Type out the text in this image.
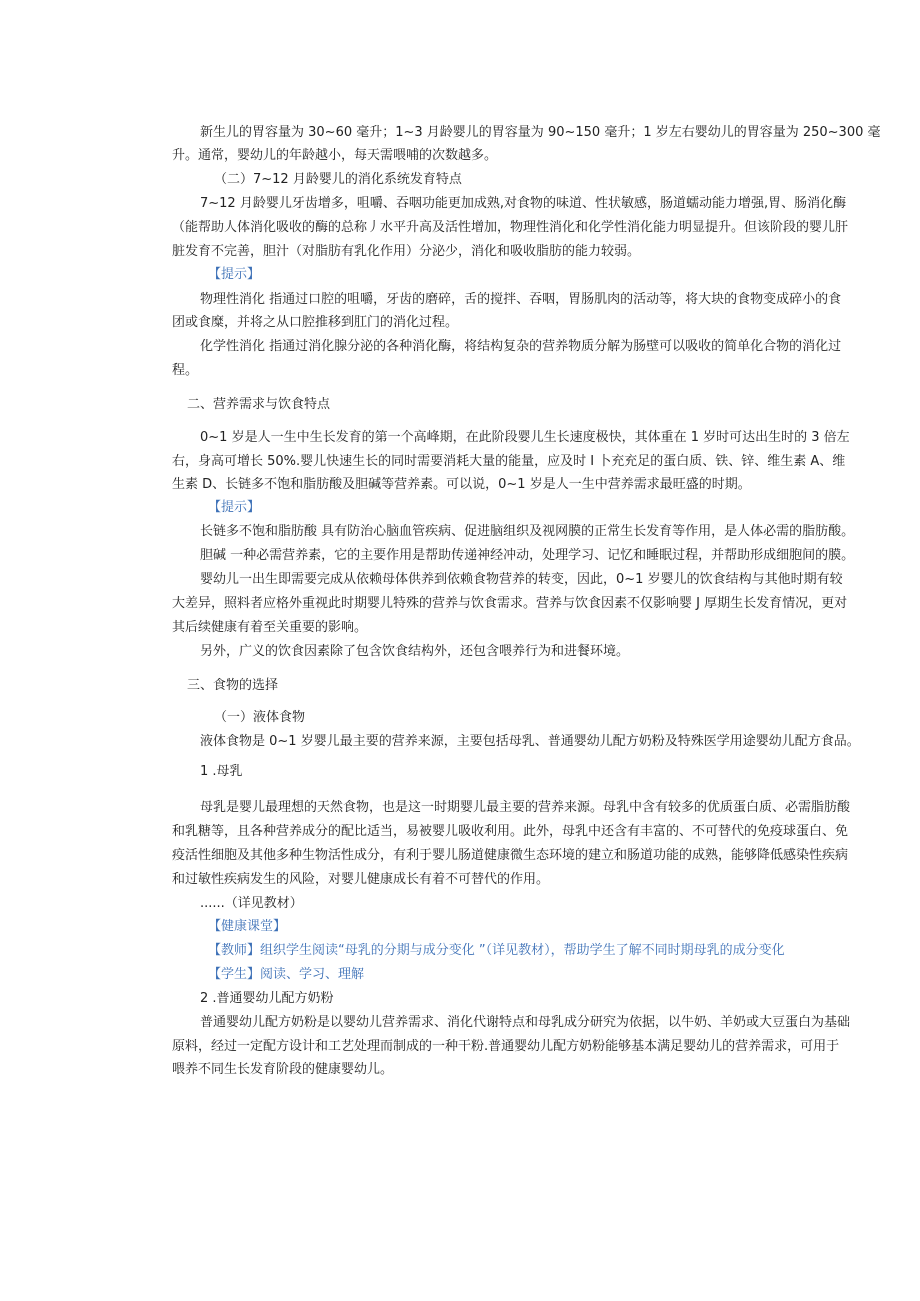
新生儿的胃容量为 30~60 毫升；1~3 月龄婴儿的胃容量为 90~150 毫升；1 岁左右婴幼儿的胃容量为 250~300 毫
升。通常，婴幼儿的年龄越小，每天需喂哺的次数越多。
（二）7~12 月龄婴儿的消化系统发育特点
7~12 月龄婴儿牙齿增多，咀嚼、吞咽功能更加成熟,对食物的味道、性状敏感，肠道蠕动能力增强,胃、肠消化酶
（能帮助人体消化吸收的酶的总称丿水平升高及活性增加，物理性消化和化学性消化能力明显提升。但该阶段的婴儿肝
脏发育不完善，胆汁（对脂肪有乳化作用）分泌少，消化和吸收脂肪的能力较弱。
【提示】
物理性消化 指通过口腔的咀嚼，牙齿的磨碎，舌的搅拌、吞咽，胃肠肌肉的活动等，将大块的食物变成碎小的食
团或食糜，并将之从口腔推移到肛门的消化过程。
化学性消化 指通过消化腺分泌的各种消化酶，将结构复杂的营养物质分解为肠壁可以吸收的简单化合物的消化过
程。
二、营养需求与饮食特点
0~1 岁是人一生中生长发育的第一个高峰期，在此阶段婴儿生长速度极快，其体重在 1 岁时可达出生时的 3 倍左
右，身高可增长 50%.婴儿快速生长的同时需要消耗大量的能量，应及时 I 卜充充足的蛋白质、铁、锌、维生素 A、维
生素 D、长链多不饱和脂肪酸及胆碱等营养素。可以说，0~1 岁是人一生中营养需求最旺盛的时期。
【提示】
长链多不饱和脂肪酸 具有防治心脑血管疾病、促进脑组织及视网膜的正常生长发育等作用，是人体必需的脂肪酸。
胆碱 一种必需营养素，它的主要作用是帮助传递神经冲动，处理学习、记忆和睡眠过程，并帮助形成细胞间的膜。
婴幼儿一出生即需要完成从依赖母体供养到依赖食物营养的转变，因此，0~1 岁婴儿的饮食结构与其他时期有较
大差异，照料者应格外重视此时期婴儿特殊的营养与饮食需求。营养与饮食因素不仅影响婴 J 厚期生长发育情况，更对
其后续健康有着至关重要的影响。
另外，广义的饮食因素除了包含饮食结构外，还包含喂养行为和进餐环境。
三、食物的选择
（一）液体食物
液体食物是 0~1 岁婴儿最主要的营养来源，主要包括母乳、普通婴幼儿配方奶粉及特殊医学用途婴幼儿配方食品。
1 .母乳
母乳是婴儿最理想的天然食物，也是这一时期婴儿最主要的营养来源。母乳中含有较多的优质蛋白质、必需脂肪酸
和乳糖等，且各种营养成分的配比适当，易被婴儿吸收利用。此外，母乳中还含有丰富的、不可替代的免疫球蛋白、免
疫活性细胞及其他多种生物活性成分，有利于婴儿肠道健康微生态环境的建立和肠道功能的成熟，能够降低感染性疾病
和过敏性疾病发生的风险，对婴儿健康成长有着不可替代的作用。
......（详见教材）
【健康课堂】
【教师】组织学生阅读“母乳的分期与成分变化 ”（详见教材），帮助学生了解不同时期母乳的成分变化
【学生】阅读、学习、理解
2 .普通婴幼儿配方奶粉
普通婴幼儿配方奶粉是以婴幼儿营养需求、消化代谢特点和母乳成分研究为依据，以牛奶、羊奶或大豆蛋白为基础
原料，经过一定配方设计和工艺处理而制成的一种干粉.普通婴幼儿配方奶粉能够基本满足婴幼儿的营养需求，可用于
喂养不同生长发育阶段的健康婴幼儿。
